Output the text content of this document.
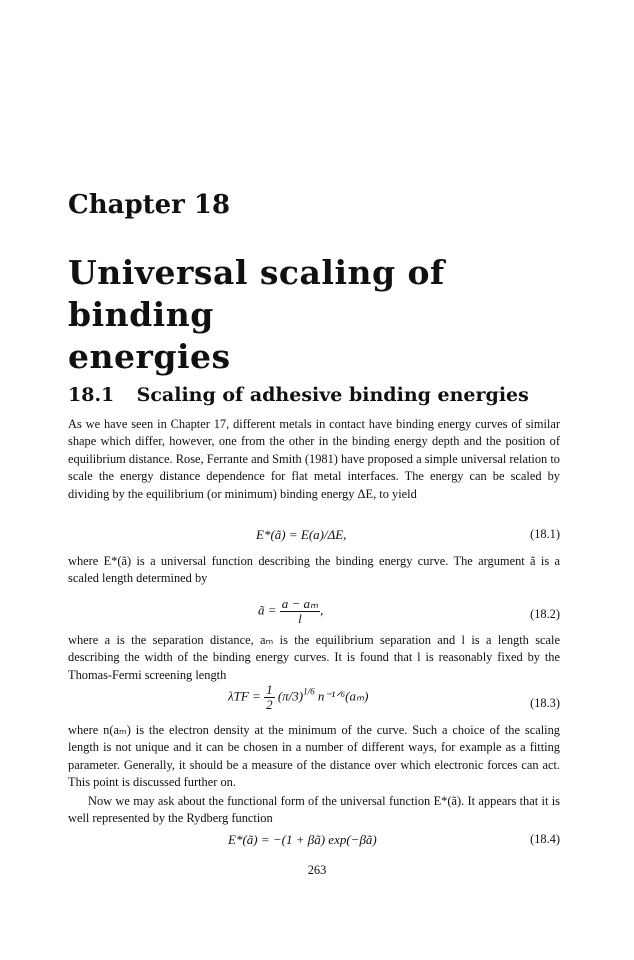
Chapter 18
Universal scaling of binding
energies
18.1 Scaling of adhesive binding energies
As we have seen in Chapter 17, different metals in contact have binding energy curves of similar shape which differ, however, one from the other in the binding energy depth and the position of equilibrium distance. Rose, Ferrante and Smith (1981) have proposed a simple universal relation to scale the energy distance dependence for flat metal interfaces. The energy can be scaled by dividing by the equilibrium (or minimum) binding energy ΔE, to yield
E*(ã) = E(a)/ΔE,	(18.1)
where E*(ã) is a universal function describing the binding energy curve. The argument ã is a scaled length determined by
ã = $\frac{\text{a − aₘ}}{l}$ ,	(18.2)
where a is the separation distance, aₘ is the equilibrium separation and l is a length scale describing the width of the binding energy curves. It is found that l is reasonably fixed by the Thomas-Fermi screening length
$\lambda TF = \frac{1}{2} (\pi/3)^{1/6}$ n⁻¹ᐟ⁶(aₘ)	(18.3)
where n(aₘ) is the electron density at the minimum of the curve. Such a choice of the scaling length is not unique and it can be chosen in a number of different ways, for example as a fitting parameter. Generally, it should be a measure of the distance over which electronic forces can act. This point is discussed further on.
Now we may ask about the functional form of the universal function E*(ã). It appears that it is well represented by the Rydberg function
E*(ã) = −(1 + βã) exp(−βã)	(18.4)
263
